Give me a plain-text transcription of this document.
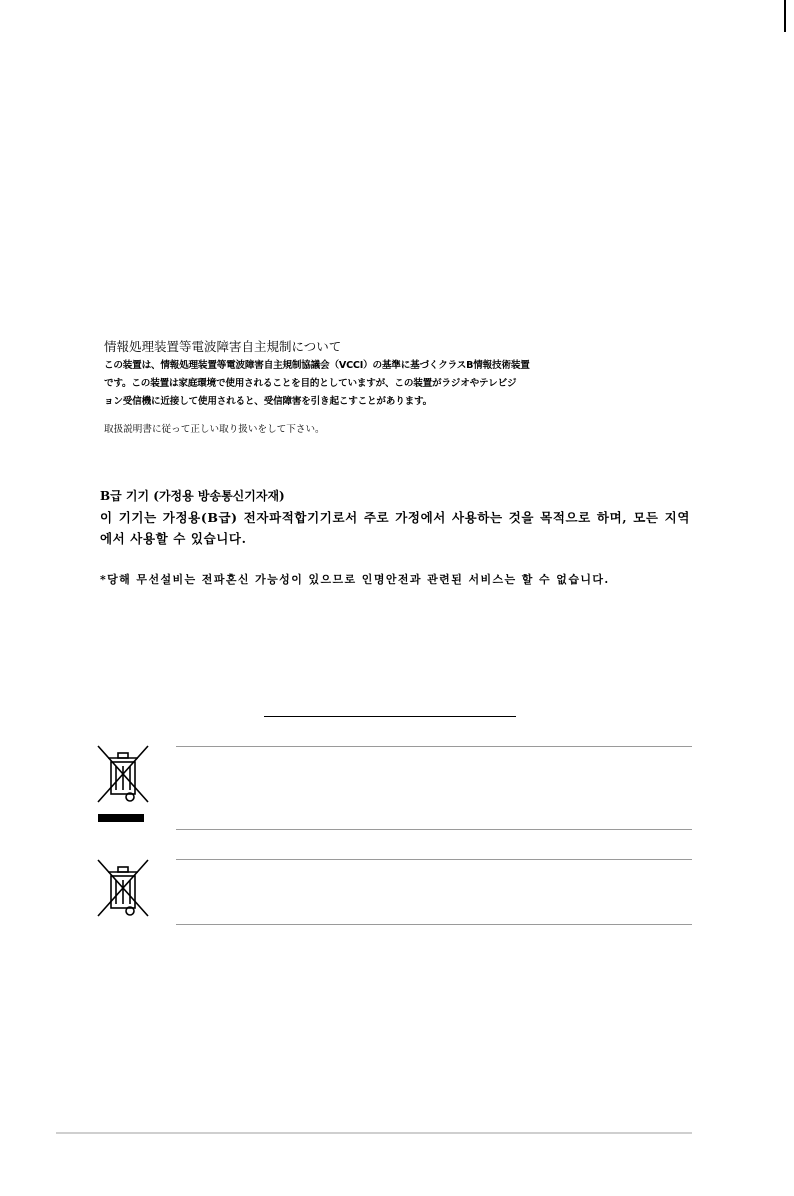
情報処理装置等電波障害自主規制について

この装置は、情報処理装置等電波障害自主規制協議会（VCCI）の基準に基づくクラスB情報技術装置

です。この装置は家庭環境で使用されることを目的としていますが、この装置がラジオやテレビジ

ョン受信機に近接して使用されると、受信障害を引き起こすことがあります。

取扱説明書に従って正しい取り扱いをして下さい。

B급 기기 (가정용 방송통신기자재)

이 기기는 가정용(B급) 전자파적합기기로서 주로 가정에서 사용하는 것을 목적으로 하며, 모든 지역에서 사용할 수 있습니다.

*당해 무선설비는 전파혼신 가능성이 있으므로 인명안전과 관련된 서비스는 할 수 없습니다.
